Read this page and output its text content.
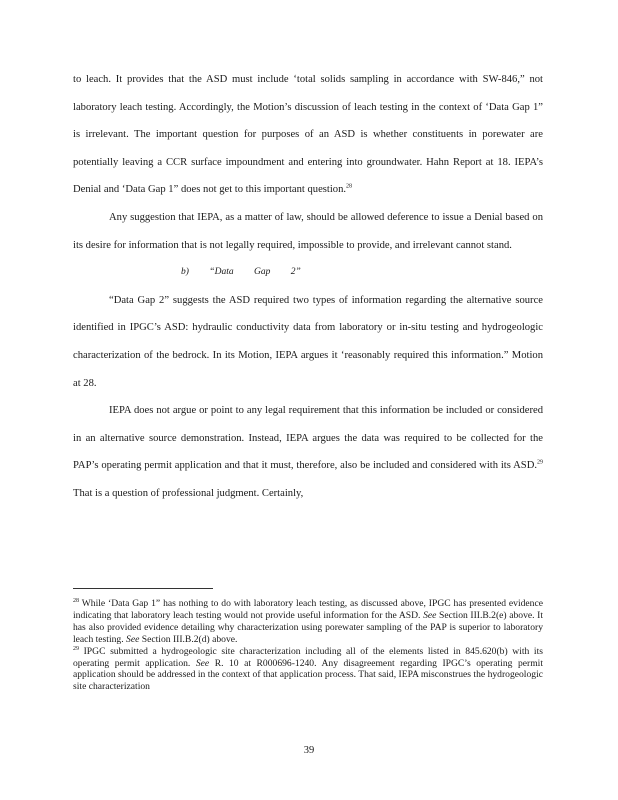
to leach. It provides that the ASD must include ‘total solids sampling in accordance with SW-846,” not laboratory leach testing. Accordingly, the Motion’s discussion of leach testing in the context of ‘Data Gap 1” is irrelevant. The important question for purposes of an ASD is whether constituents in porewater are potentially leaving a CCR surface impoundment and entering into groundwater. Hahn Report at 18. IEPA’s Denial and ‘Data Gap 1” does not get to this important question.$^{28}$

Any suggestion that IEPA, as a matter of law, should be allowed deference to issue a Denial based on its desire for information that is not legally required, impossible to provide, and irrelevant cannot stand.

b) “Data Gap 2”

“Data Gap 2” suggests the ASD required two types of information regarding the alternative source identified in IPGC’s ASD: hydraulic conductivity data from laboratory or in-situ testing and hydrogeologic characterization of the bedrock. In its Motion, IEPA argues it ‘reasonably required this information.” Motion at 28.

IEPA does not argue or point to any legal requirement that this information be included or considered in an alternative source demonstration. Instead, IEPA argues the data was required to be collected for the PAP’s operating permit application and that it must, therefore, also be included and considered with its ASD.$^{29}$ That is a question of professional judgment. Certainly,

$^{28}$ While ‘Data Gap 1” has nothing to do with laboratory leach testing, as discussed above, IPGC has presented evidence indicating that laboratory leach testing would not provide useful information for the ASD. See Section III.B.2(e) above. It has also provided evidence detailing why characterization using porewater sampling of the PAP is superior to laboratory leach testing. See Section III.B.2(d) above.

$^{29}$ IPGC submitted a hydrogeologic site characterization including all of the elements listed in 845.620(b) with its operating permit application. See R. 10 at R000696-1240. Any disagreement regarding IPGC’s operating permit application should be addressed in the context of that application process. That said, IEPA misconstrues the hydrogeologic site characterization

39
